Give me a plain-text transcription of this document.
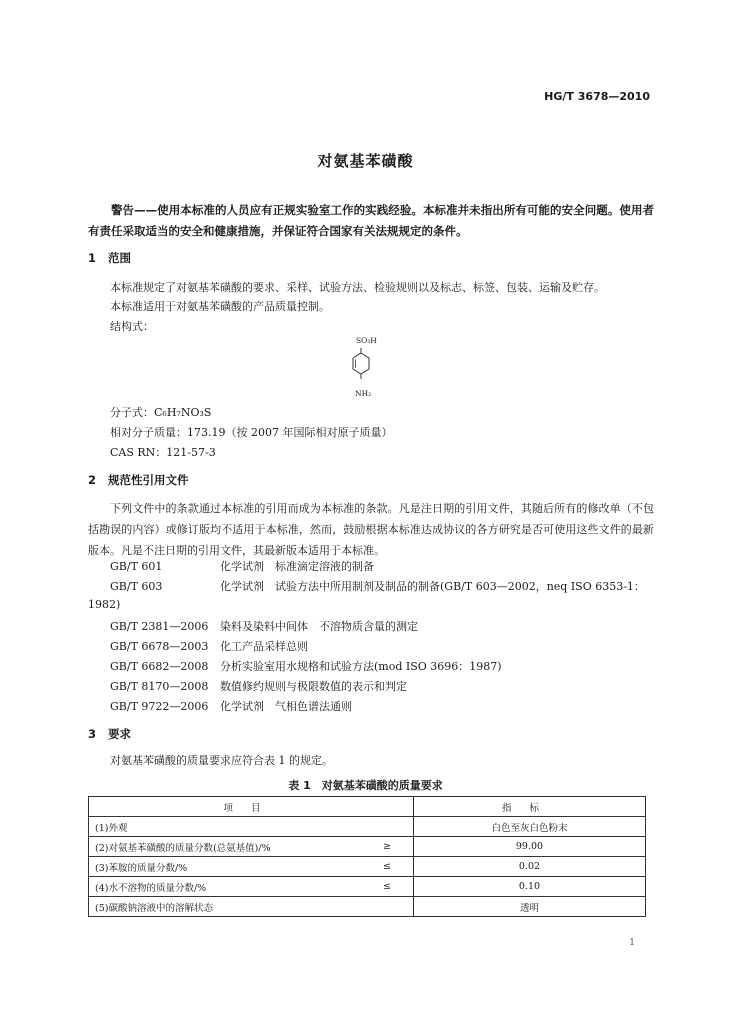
HG/T 3678—2010
对氨基苯磺酸
警告——使用本标准的人员应有正规实验室工作的实践经验。本标准并未指出所有可能的安全问题。使用者有责任采取适当的安全和健康措施，并保证符合国家有关法规规定的条件。
1 范围
本标准规定了对氨基苯磺酸的要求、采样、试验方法、检验规则以及标志、标签、包装、运输及贮存。
本标准适用于对氨基苯磺酸的产品质量控制。
结构式：
SO₃H
NH₂
分子式：C₆H₇NO₃S
相对分子质量：173.19（按 2007 年国际相对原子质量）
CAS RN：121-57-3
2 规范性引用文件
下列文件中的条款通过本标准的引用而成为本标准的条款。凡是注日期的引用文件，其随后所有的修改单（不包括勘误的内容）或修订版均不适用于本标准，然而，鼓励根据本标准达成协议的各方研究是否可使用这些文件的最新版本。凡是不注日期的引用文件，其最新版本适用于本标准。
GB/T 601	化学试剂　标准滴定溶液的制备
GB/T 603	化学试剂　试验方法中所用制剂及制品的制备(GB/T 603—2002，neq ISO 6353-1：
1982)
GB/T 2381—2006 染料及染料中间体　不溶物质含量的测定
GB/T 6678—2003 化工产品采样总则
GB/T 6682—2008 分析实验室用水规格和试验方法(mod ISO 3696：1987)
GB/T 8170—2008 数值修约规则与极限数值的表示和判定
GB/T 9722—2006 化学试剂　气相色谱法通则
3 要求
对氨基苯磺酸的质量要求应符合表 1 的规定。
表 1　对氨基苯磺酸的质量要求
项目		指标
(1)外观		白色至灰白色粉末
(2)对氨基苯磺酸的质量分数(总氨基值)/%	≥	99.00
(3)苯胺的质量分数/%	≤	0.02
(4)水不溶物的质量分数/%	≤	0.10
(5)碳酸钠溶液中的溶解状态		透明
1
